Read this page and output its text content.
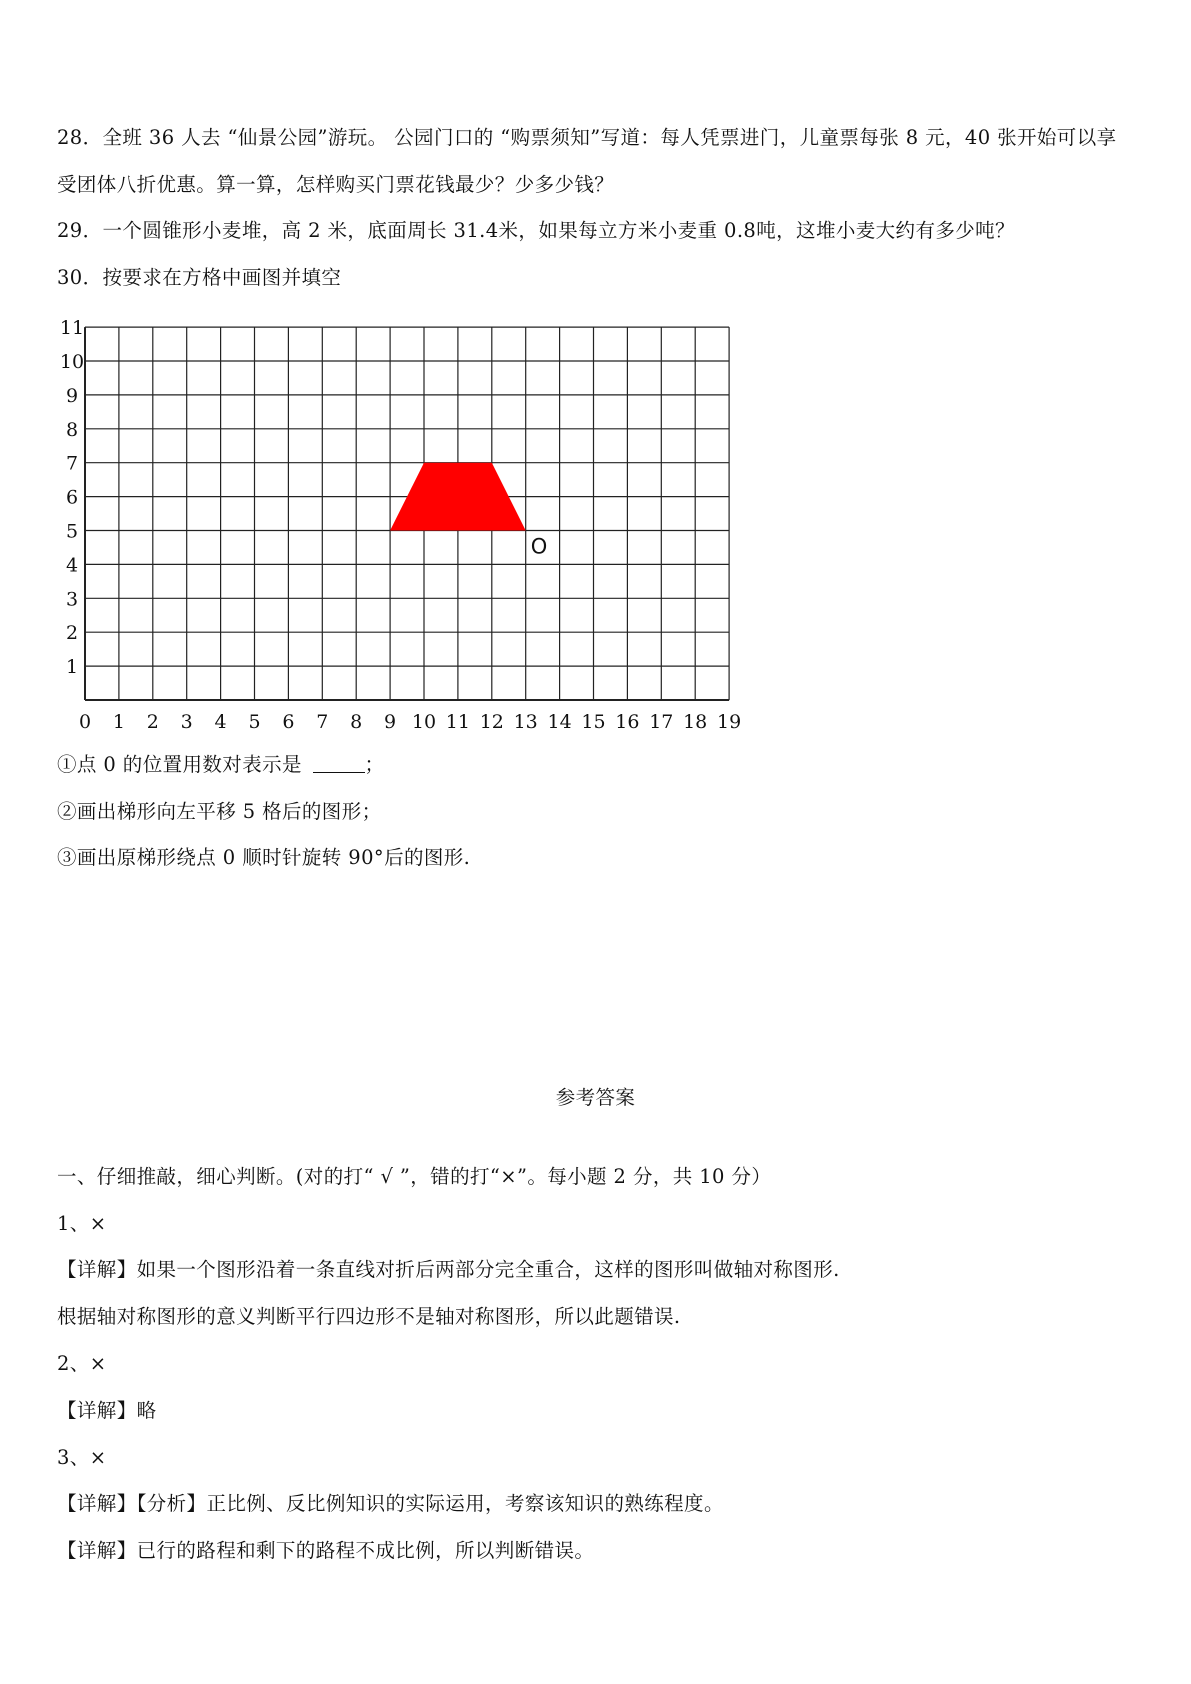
28．全班 36 人去 “仙景公园”游玩。 公园门口的 “购票须知”写道：每人凭票进门，儿童票每张 8 元，40 张开始可以享
受团体八折优惠。算一算，怎样购买门票花钱最少？少多少钱？
29．一个圆锥形小麦堆，高 2 米，底面周长 31.4米，如果每立方米小麦重 0.8吨，这堆小麦大约有多少吨？
30．按要求在方格中画图并填空
0 1 2 3 4 5 6 7 8 9 10 11 12 13 14 15 16 17 18 19
1
2
3
4
5
6
7
8
9
10
11
O
①点 0 的位置用数对表示是	；
②画出梯形向左平移 5 格后的图形；
③画出原梯形绕点 0 顺时针旋转 90°后的图形.
参考答案
一、仔细推敲，细心判断。(对的打“ √ ”，错的打“×”。每小题 2 分，共 10 分）
1、×
【详解】如果一个图形沿着一条直线对折后两部分完全重合，这样的图形叫做轴对称图形.
根据轴对称图形的意义判断平行四边形不是轴对称图形，所以此题错误.
2、×
【详解】略
3、×
【详解】【分析】正比例、反比例知识的实际运用，考察该知识的熟练程度。
【详解】已行的路程和剩下的路程不成比例，所以判断错误。
